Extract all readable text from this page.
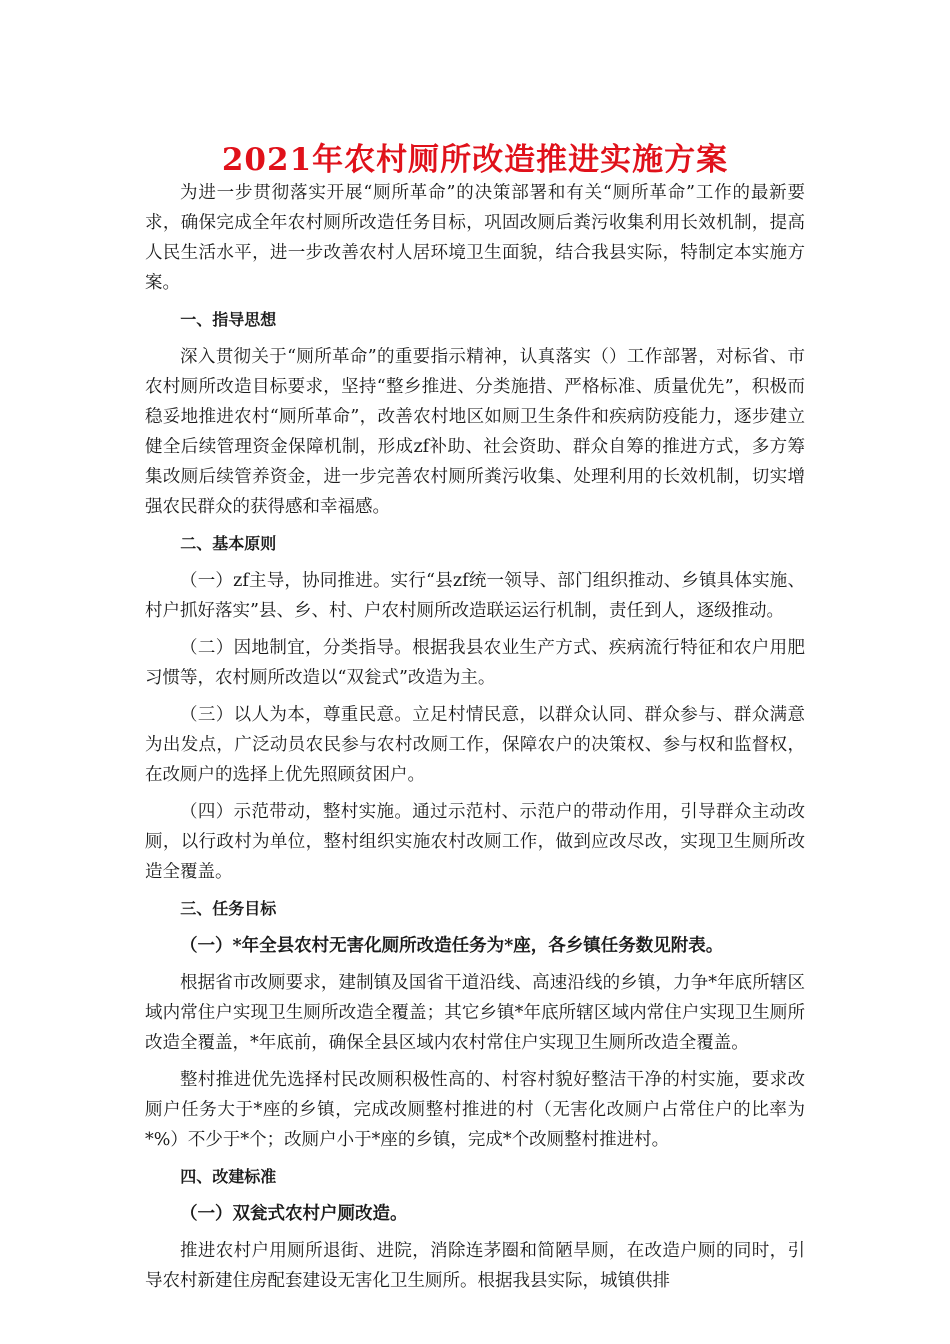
2021年农村厕所改造推进实施方案

为进一步贯彻落实开展“厕所革命”的决策部署和有关“厕所革命”工作的最新要求，确保完成全年农村厕所改造任务目标，巩固改厕后粪污收集利用长效机制，提高人民生活水平，进一步改善农村人居环境卫生面貌，结合我县实际，特制定本实施方案。

一、指导思想

深入贯彻关于“厕所革命”的重要指示精神，认真落实（）工作部署，对标省、市农村厕所改造目标要求，坚持“整乡推进、分类施措、严格标准、质量优先”，积极而稳妥地推进农村“厕所革命”，改善农村地区如厕卫生条件和疾病防疫能力，逐步建立健全后续管理资金保障机制，形成zf补助、社会资助、群众自筹的推进方式，多方筹集改厕后续管养资金，进一步完善农村厕所粪污收集、处理利用的长效机制，切实增强农民群众的获得感和幸福感。

二、基本原则

（一）zf主导，协同推进。实行“县zf统一领导、部门组织推动、乡镇具体实施、村户抓好落实”县、乡、村、户农村厕所改造联运运行机制，责任到人，逐级推动。

（二）因地制宜，分类指导。根据我县农业生产方式、疾病流行特征和农户用肥习惯等，农村厕所改造以“双瓮式”改造为主。

（三）以人为本，尊重民意。立足村情民意，以群众认同、群众参与、群众满意为出发点，广泛动员农民参与农村改厕工作，保障农户的决策权、参与权和监督权，在改厕户的选择上优先照顾贫困户。

（四）示范带动，整村实施。通过示范村、示范户的带动作用，引导群众主动改厕，以行政村为单位，整村组织实施农村改厕工作，做到应改尽改，实现卫生厕所改造全覆盖。

三、任务目标

（一）*年全县农村无害化厕所改造任务为*座，各乡镇任务数见附表。

根据省市改厕要求，建制镇及国省干道沿线、高速沿线的乡镇，力争*年底所辖区域内常住户实现卫生厕所改造全覆盖；其它乡镇*年底所辖区域内常住户实现卫生厕所改造全覆盖，*年底前，确保全县区域内农村常住户实现卫生厕所改造全覆盖。

整村推进优先选择村民改厕积极性高的、村容村貌好整洁干净的村实施，要求改厕户任务大于*座的乡镇，完成改厕整村推进的村（无害化改厕户占常住户的比率为*%）不少于*个；改厕户小于*座的乡镇，完成*个改厕整村推进村。

四、改建标准

（一）双瓮式农村户厕改造。

推进农村户用厕所退街、进院，消除连茅圈和简陋旱厕，在改造户厕的同时，引导农村新建住房配套建设无害化卫生厕所。根据我县实际，城镇供排
